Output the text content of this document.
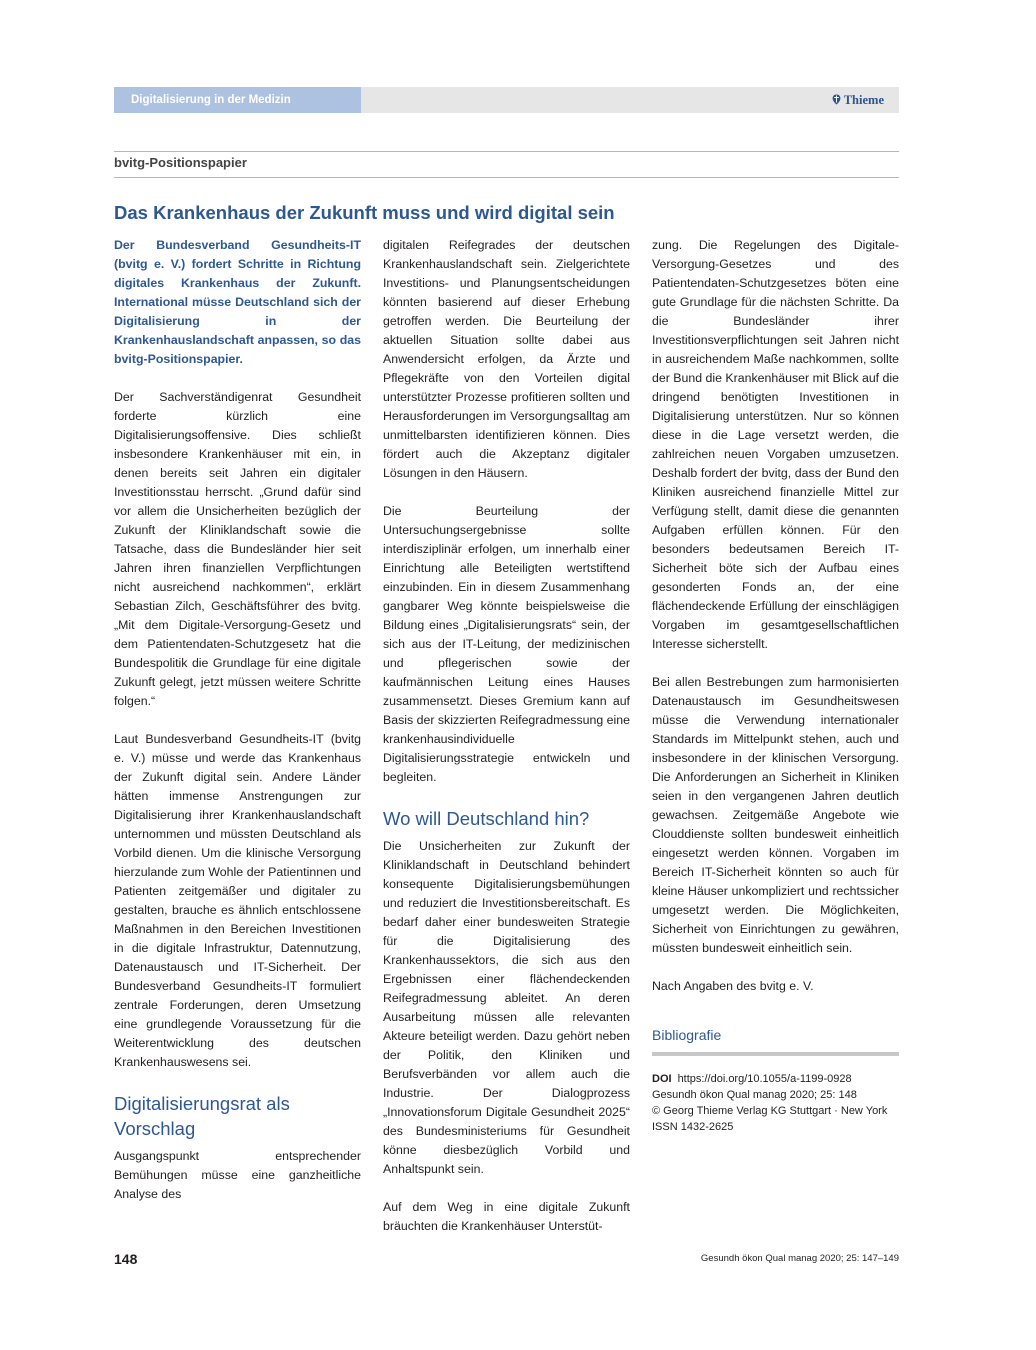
Digitalisierung in der Medizin	Thieme
bvitg-Positionspapier
Das Krankenhaus der Zukunft muss und wird digital sein
Der Bundesverband Gesundheits-IT (bvitg e. V.) fordert Schritte in Richtung digitales Krankenhaus der Zukunft. International müsse Deutschland sich der Digitalisierung in der Krankenhauslandschaft anpassen, so das bvitg-Positionspapier.

Der Sachverständigenrat Gesundheit forderte kürzlich eine Digitalisierungsoffensive. Dies schließt insbesondere Krankenhäuser mit ein, in denen bereits seit Jahren ein digitaler Investitionsstau herrscht. „Grund dafür sind vor allem die Unsicherheiten bezüglich der Zukunft der Kliniklandschaft sowie die Tatsache, dass die Bundesländer hier seit Jahren ihren finanziellen Verpflichtungen nicht ausreichend nachkommen“, erklärt Sebastian Zilch, Geschäftsführer des bvitg. „Mit dem Digitale-Versorgung-Gesetz und dem Patientendaten-Schutzgesetz hat die Bundespolitik die Grundlage für eine digitale Zukunft gelegt, jetzt müssen weitere Schritte folgen.“

Laut Bundesverband Gesundheits-IT (bvitg e. V.) müsse und werde das Krankenhaus der Zukunft digital sein. Andere Länder hätten immense Anstrengungen zur Digitalisierung ihrer Krankenhauslandschaft unternommen und müssten Deutschland als Vorbild dienen. Um die klinische Versorgung hierzulande zum Wohle der Patientinnen und Patienten zeitgemäßer und digitaler zu gestalten, brauche es ähnlich entschlossene Maßnahmen in den Bereichen Investitionen in die digitale Infrastruktur, Datennutzung, Datenaustausch und IT-Sicherheit. Der Bundesverband Gesundheits-IT formuliert zentrale Forderungen, deren Umsetzung eine grundlegende Voraussetzung für die Weiterentwicklung des deutschen Krankenhauswesens sei.

Digitalisierungsrat als Vorschlag

Ausgangspunkt entsprechender Bemühungen müsse eine ganzheitliche Analyse des

digitalen Reifegrades der deutschen Krankenhauslandschaft sein. Zielgerichtete Investitions- und Planungsentscheidungen könnten basierend auf dieser Erhebung getroffen werden. Die Beurteilung der aktuellen Situation sollte dabei aus Anwendersicht erfolgen, da Ärzte und Pflegekräfte von den Vorteilen digital unterstützter Prozesse profitieren sollten und Herausforderungen im Versorgungsalltag am unmittelbarsten identifizieren können. Dies fördert auch die Akzeptanz digitaler Lösungen in den Häusern.

Die Beurteilung der Untersuchungsergebnisse sollte interdisziplinär erfolgen, um innerhalb einer Einrichtung alle Beteiligten wertstiftend einzubinden. Ein in diesem Zusammenhang gangbarer Weg könnte beispielsweise die Bildung eines „Digitalisierungsrats“ sein, der sich aus der IT-Leitung, der medizinischen und pflegerischen sowie der kaufmännischen Leitung eines Hauses zusammensetzt. Dieses Gremium kann auf Basis der skizzierten Reifegradmessung eine krankenhausindividuelle Digitalisierungsstrategie entwickeln und begleiten.

Wo will Deutschland hin?

Die Unsicherheiten zur Zukunft der Kliniklandschaft in Deutschland behindert konsequente Digitalisierungsbemühungen und reduziert die Investitionsbereitschaft. Es bedarf daher einer bundesweiten Strategie für die Digitalisierung des Krankenhaussektors, die sich aus den Ergebnissen einer flächendeckenden Reifegradmessung ableitet. An deren Ausarbeitung müssen alle relevanten Akteure beteiligt werden. Dazu gehört neben der Politik, den Kliniken und Berufsverbänden vor allem auch die Industrie. Der Dialogprozess „Innovationsforum Digitale Gesundheit 2025“ des Bundesministeriums für Gesundheit könne diesbezüglich Vorbild und Anhaltspunkt sein.

Auf dem Weg in eine digitale Zukunft bräuchten die Krankenhäuser Unterstüt-

zung. Die Regelungen des Digitale-Versorgung-Gesetzes und des Patientendaten-Schutzgesetzes böten eine gute Grundlage für die nächsten Schritte. Da die Bundesländer ihrer Investitionsverpflichtungen seit Jahren nicht in ausreichendem Maße nachkommen, sollte der Bund die Krankenhäuser mit Blick auf die dringend benötigten Investitionen in Digitalisierung unterstützen. Nur so können diese in die Lage versetzt werden, die zahlreichen neuen Vorgaben umzusetzen. Deshalb fordert der bvitg, dass der Bund den Kliniken ausreichend finanzielle Mittel zur Verfügung stellt, damit diese die genannten Aufgaben erfüllen können. Für den besonders bedeutsamen Bereich IT-Sicherheit böte sich der Aufbau eines gesonderten Fonds an, der eine flächendeckende Erfüllung der einschlägigen Vorgaben im gesamtgesellschaftlichen Interesse sicherstellt.

Bei allen Bestrebungen zum harmonisierten Datenaustausch im Gesundheitswesen müsse die Verwendung internationaler Standards im Mittelpunkt stehen, auch und insbesondere in der klinischen Versorgung. Die Anforderungen an Sicherheit in Kliniken seien in den vergangenen Jahren deutlich gewachsen. Zeitgemäße Angebote wie Clouddienste sollten bundesweit einheitlich eingesetzt werden können. Vorgaben im Bereich IT-Sicherheit könnten so auch für kleine Häuser unkompliziert und rechtssicher umgesetzt werden. Die Möglichkeiten, Sicherheit von Einrichtungen zu gewähren, müssten bundesweit einheitlich sein.

Nach Angaben des bvitg e. V.

Bibliografie
DOI https://doi.org/10.1055/a-1199-0928
Gesundh ökon Qual manag 2020; 25: 148
© Georg Thieme Verlag KG Stuttgart · New York
ISSN 1432-2625
148	Gesundh ökon Qual manag 2020; 25: 147–149
